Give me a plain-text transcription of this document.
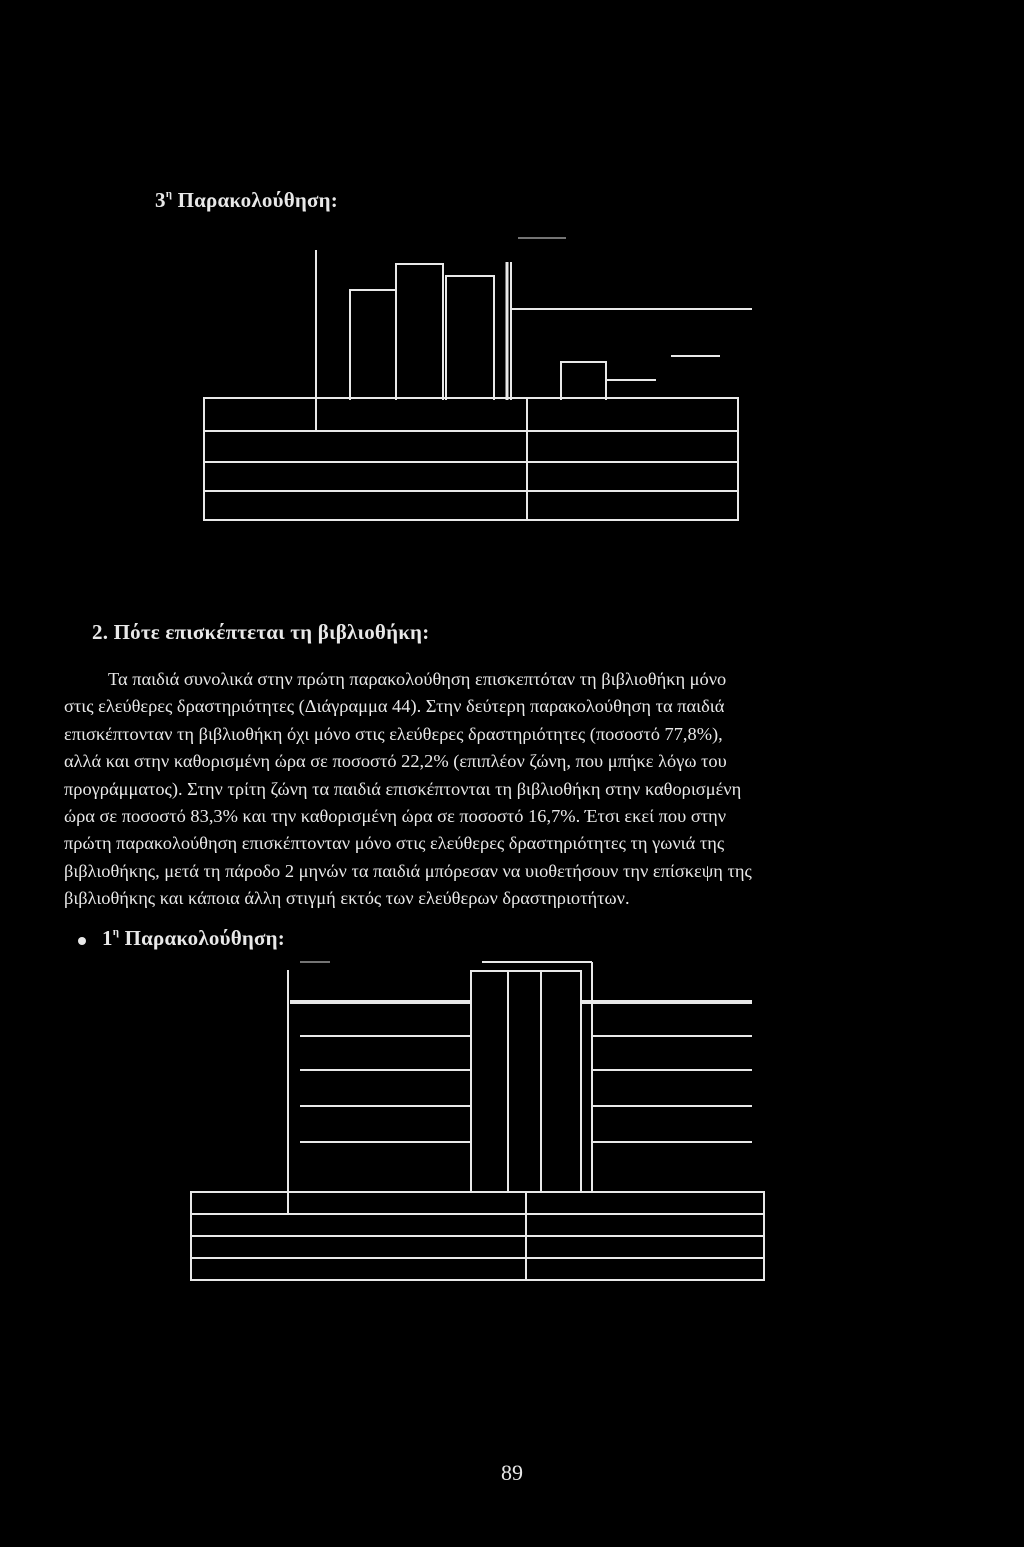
$3^\eta$ Παρακολούθηση:
2. Πότε επισκέπτεται τη βιβλιοθήκη:
Τα παιδιά συνολικά στην πρώτη παρακολούθηση επισκεπτόταν τη βιβλιοθήκη μόνο
στις ελεύθερες δραστηριότητες (Διάγραμμα 44). Στην δεύτερη παρακολούθηση τα παιδιά
επισκέπτονταν τη βιβλιοθήκη όχι μόνο στις ελεύθερες δραστηριότητες (ποσοστό 77,8%),
αλλά και στην καθορισμένη ώρα σε ποσοστό 22,2% (επιπλέον ζώνη, που μπήκε λόγω του
προγράμματος). Στην τρίτη ζώνη τα παιδιά επισκέπτονται τη βιβλιοθήκη στην καθορισμένη
ώρα σε ποσοστό 83,3% και την καθορισμένη ώρα σε ποσοστό 16,7%. Έτσι εκεί που στην
πρώτη παρακολούθηση επισκέπτονταν μόνο στις ελεύθερες δραστηριότητες τη γωνιά της
βιβλιοθήκης, μετά τη πάροδο 2 μηνών τα παιδιά μπόρεσαν να υιοθετήσουν την επίσκεψη της
βιβλιοθήκης και κάποια άλλη στιγμή εκτός των ελεύθερων δραστηριοτήτων.
$1^\eta$ Παρακολούθηση:
89
